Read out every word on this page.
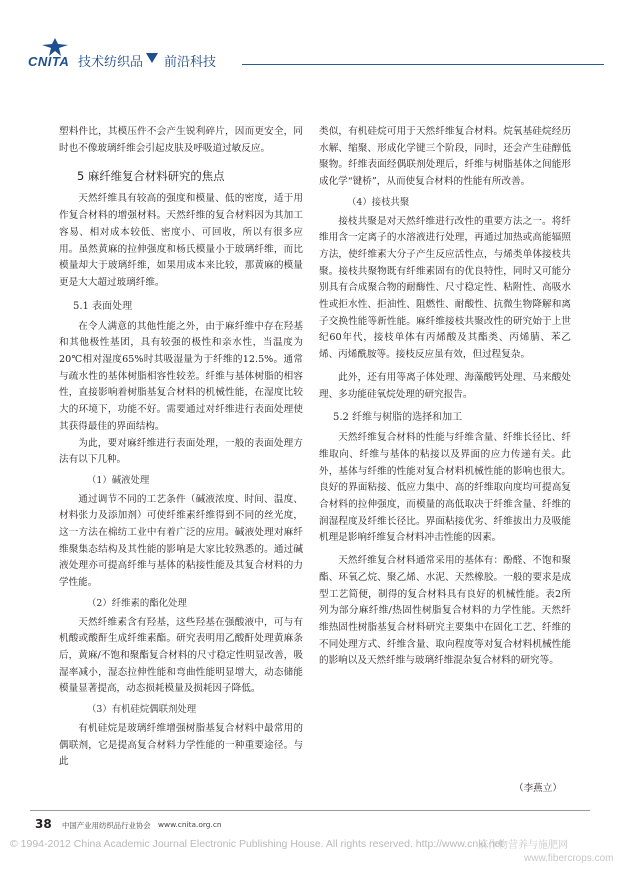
CNITA 技术纺织品 前沿科技

塑料件比，其模压件不会产生锐利碎片，因而更安全，同时也不像玻璃纤维会引起皮肤及呼吸道过敏反应。

5 麻纤维复合材料研究的焦点

天然纤维具有较高的强度和模量、低的密度，适于用作复合材料的增强材料。天然纤维的复合材料因为其加工容易、相对成本较低、密度小、可回收，所以有很多应用。虽然黄麻的拉伸强度和杨氏模量小于玻璃纤维，而比模量却大于玻璃纤维，如果用成本来比较，那黄麻的模量更是大大超过玻璃纤维。

5.1 表面处理

在令人满意的其他性能之外，由于麻纤维中存在羟基和其他极性基团，具有较强的极性和亲水性，当温度为20℃相对湿度65%时其吸湿量为于纤维的12.5%。通常与疏水性的基体树脂相容性较差。纤维与基体树脂的相容性，直接影响着树脂基复合材料的机械性能，在湿度比较大的环境下，功能不好。需要通过对纤维进行表面处理使其获得最佳的界面结构。

为此，要对麻纤维进行表面处理，一般的表面处理方法有以下几种。

（1）碱液处理

通过调节不同的工艺条件（碱液浓度、时间、温度、材料张力及添加剂）可使纤维素纤维得到不同的丝光度，这一方法在棉纺工业中有着广泛的应用。碱液处理对麻纤维聚集态结构及其性能的影响是大家比较熟悉的。通过碱液处理亦可提高纤维与基体的粘接性能及其复合材料的力学性能。

（2）纤维素的酯化处理

天然纤维素含有羟基，这些羟基在强酸液中，可与有机酸或酸酐生成纤维素酯。研究表明用乙酸酐处理黄麻条后，黄麻/不饱和聚酯复合材料的尺寸稳定性明显改善，吸湿率减小，湿态拉伸性能和弯曲性能明显增大，动态储能模量显著提高，动态损耗模量及损耗因子降低。

（3）有机硅烷偶联剂处理

有机硅烷是玻璃纤维增强树脂基复合材料中最常用的偶联剂，它是提高复合材料力学性能的一种重要途径。与此

类似，有机硅烷可用于天然纤维复合材料。烷氧基硅烷经历水解、缩聚、形成化学键三个阶段，同时，还会产生硅醇低聚物。纤维表面经偶联剂处理后，纤维与树脂基体之间能形成化学“键桥”，从而使复合材料的性能有所改善。

（4）接枝共聚

接枝共聚是对天然纤维进行改性的重要方法之一。将纤维用含一定离子的水溶液进行处理，再通过加热或高能辐照方法，使纤维素大分子产生反应活性点，与烯类单体接枝共聚。接枝共聚物既有纤维素固有的优良特性，同时又可能分别具有合成聚合物的耐酶性、尺寸稳定性、粘附性、高吸水性或拒水性、拒油性、阻燃性、耐酸性、抗微生物降解和离子交换性能等新性能。麻纤维接枝共聚改性的研究始于上世纪60年代，接枝单体有丙烯酸及其酯类、丙烯腈、苯乙烯、丙烯酰胺等。接枝反应虽有效，但过程复杂。

此外，还有用等离子体处理、海藻酸钙处理、马来酸处理、多功能硅氧烷处理的研究报告。

5.2 纤维与树脂的选择和加工

天然纤维复合材料的性能与纤维含量、纤维长径比、纤维取向、纤维与基体的粘接以及界面的应力传递有关。此外，基体与纤维的性能对复合材料机械性能的影响也很大。良好的界面粘接、低应力集中、高的纤维取向度均可提高复合材料的拉伸强度，而模量的高低取决于纤维含量、纤维的润湿程度及纤维长径比。界面粘接优劣、纤维拔出力及吸能机理是影响纤维复合材料冲击性能的因素。

天然纤维复合材料通常采用的基体有：酚醛、不饱和聚酯、环氧乙烷、聚乙烯、水泥、天然橡胶。一般的要求是成型工艺简便，制得的复合材料具有良好的机械性能。表2所列为部分麻纤维/热固性树脂复合材料的力学性能。天然纤维热固性树脂基复合材料研究主要集中在固化工艺、纤维的不同处理方式、纤维含量、取向程度等对复合材料机械性能的影响以及天然纤维与玻璃纤维混杂复合材料的研究等。

（李燕立）
38 中国产业用纺织品行业协会 www.cnita.org.cn
© 1994-2012 China Academic Journal Electronic Publishing House. All rights reserved. http://www.cnki.net
麻作物营养与施肥网
www.fibercrops.com
